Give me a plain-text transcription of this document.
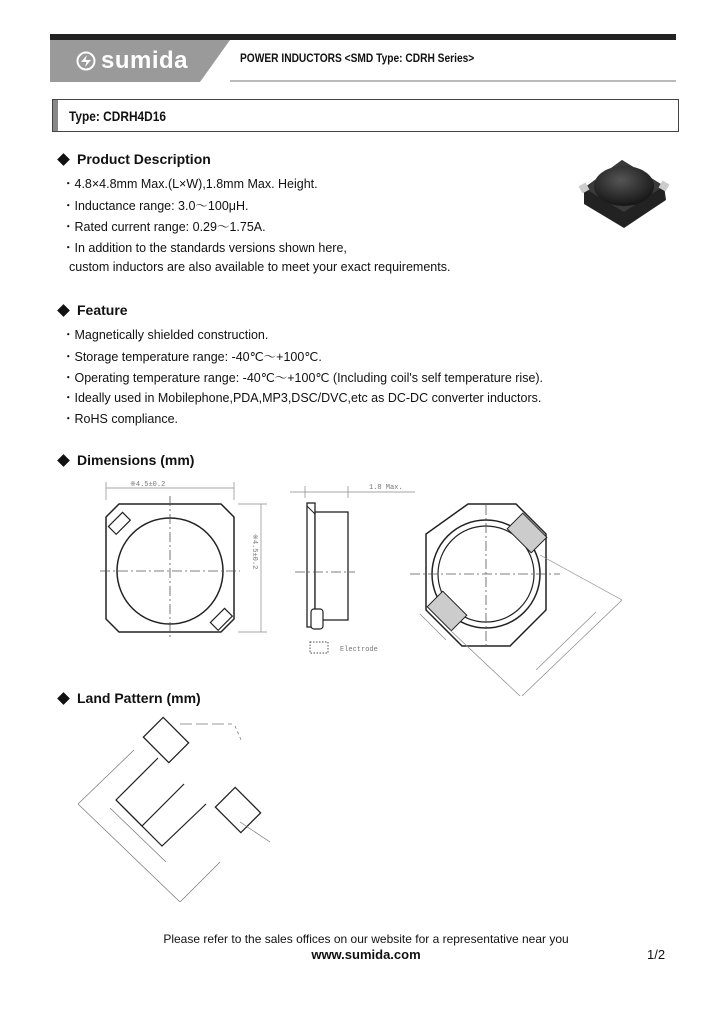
sumida	POWER INDUCTORS <SMD Type: CDRH Series>
Type: CDRH4D16
Product Description
・4.8×4.8mm Max.(L×W),1.8mm Max. Height.
・Inductance range: 3.0～100μH.
・Rated current range: 0.29～1.75A.
・In addition to the standards versions shown here,
custom inductors are also available to meet your exact requirements.
Feature
・Magnetically shielded construction.
・Storage temperature range: -40℃～+100℃.
・Operating temperature range: -40℃～+100℃ (Including coil's self temperature rise).
・Ideally used in Mobilephone,PDA,MP3,DSC/DVC,etc as DC-DC converter inductors.
・RoHS compliance.
Dimensions (mm)
※4.5±0.2
※4.5±0.2
1.8 Max.
Electrode
Land Pattern (mm)
Please refer to the sales offices on our website for a representative near you
www.sumida.com	1/2
